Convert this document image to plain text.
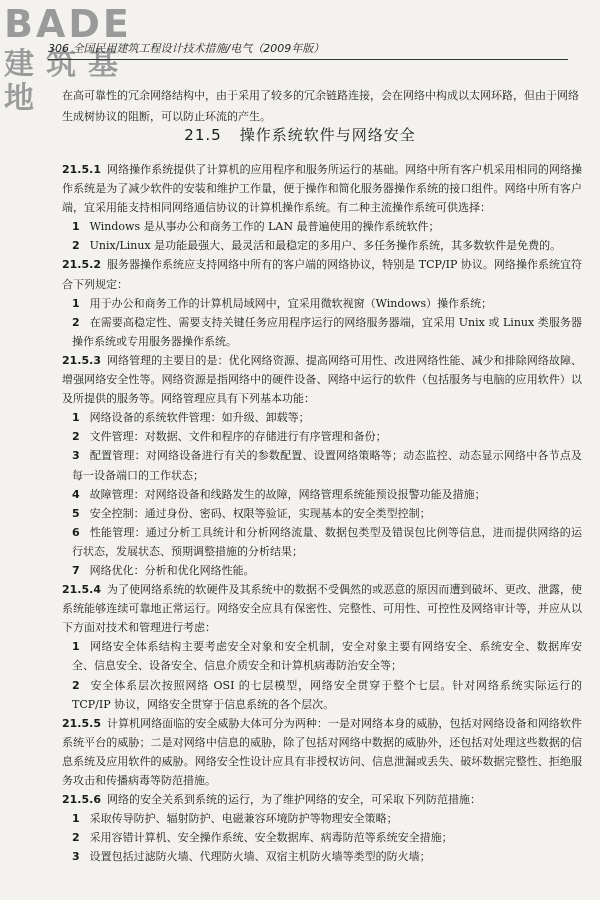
BADE
建筑基地
306 全国民用建筑工程设计技术措施/电气（2009年版）

在高可靠性的冗余网络结构中，由于采用了较多的冗余链路连接，会在网络中构成以太网环路，但由于网络生成树协议的阻断，可以防止环流的产生。

21.5 操作系统软件与网络安全

21.5.1 网络操作系统提供了计算机的应用程序和服务所运行的基础。网络中所有客户机采用相同的网络操作系统是为了减少软件的安装和维护工作量，便于操作和简化服务器操作系统的接口组件。网络中所有客户端，宜采用能支持相同网络通信协议的计算机操作系统。有二种主流操作系统可供选择：

1 Windows 是从事办公和商务工作的 LAN 最普遍使用的操作系统软件；

2 Unix/Linux 是功能最强大、最灵活和最稳定的多用户、多任务操作系统，其多数软件是免费的。

21.5.2 服务器操作系统应支持网络中所有的客户端的网络协议，特别是 TCP/IP 协议。网络操作系统宜符合下列规定：

1 用于办公和商务工作的计算机局域网中，宜采用微软视窗（Windows）操作系统；

2 在需要高稳定性、需要支持关键任务应用程序运行的网络服务器端，宜采用 Unix 或 Linux 类服务器操作系统或专用服务器操作系统。

21.5.3 网络管理的主要目的是：优化网络资源、提高网络可用性、改进网络性能、减少和排除网络故障、增强网络安全性等。网络资源是指网络中的硬件设备、网络中运行的软件（包括服务与电脑的应用软件）以及所提供的服务等。网络管理应具有下列基本功能：

1 网络设备的系统软件管理：如升级、卸载等；

2 文件管理：对数据、文件和程序的存储进行有序管理和备份；

3 配置管理：对网络设备进行有关的参数配置、设置网络策略等；动态监控、动态显示网络中各节点及每一设备端口的工作状态；

4 故障管理：对网络设备和线路发生的故障，网络管理系统能预设报警功能及措施；

5 安全控制：通过身份、密码、权限等验证，实现基本的安全类型控制；

6 性能管理：通过分析工具统计和分析网络流量、数据包类型及错误包比例等信息，进而提供网络的运行状态，发展状态、预期调整措施的分析结果；

7 网络优化：分析和优化网络性能。

21.5.4 为了使网络系统的软硬件及其系统中的数据不受偶然的或恶意的原因而遭到破坏、更改、泄露，使系统能够连续可靠地正常运行。网络安全应具有保密性、完整性、可用性、可控性及网络审计等，并应从以下方面对技术和管理进行考虑：

1 网络安全体系结构主要考虑安全对象和安全机制，安全对象主要有网络安全、系统安全、数据库安全、信息安全、设备安全、信息介质安全和计算机病毒防治安全等；

2 安全体系层次按照网络 OSI 的七层模型，网络安全贯穿于整个七层。针对网络系统实际运行的 TCP/IP 协议，网络安全贯穿于信息系统的各个层次。

21.5.5 计算机网络面临的安全威胁大体可分为两种：一是对网络本身的威胁，包括对网络设备和网络软件系统平台的威胁；二是对网络中信息的威胁，除了包括对网络中数据的威胁外，还包括对处理这些数据的信息系统及应用软件的威胁。网络安全性设计应具有非授权访问、信息泄漏或丢失、破坏数据完整性、拒绝服务攻击和传播病毒等防范措施。

21.5.6 网络的安全关系到系统的运行，为了维护网络的安全，可采取下列防范措施：

1 采取传导防护、辐射防护、电磁兼容环境防护等物理安全策略；

2 采用容错计算机、安全操作系统、安全数据库、病毒防范等系统安全措施；

3 设置包括过滤防火墙、代理防火墙、双宿主机防火墙等类型的防火墙；
